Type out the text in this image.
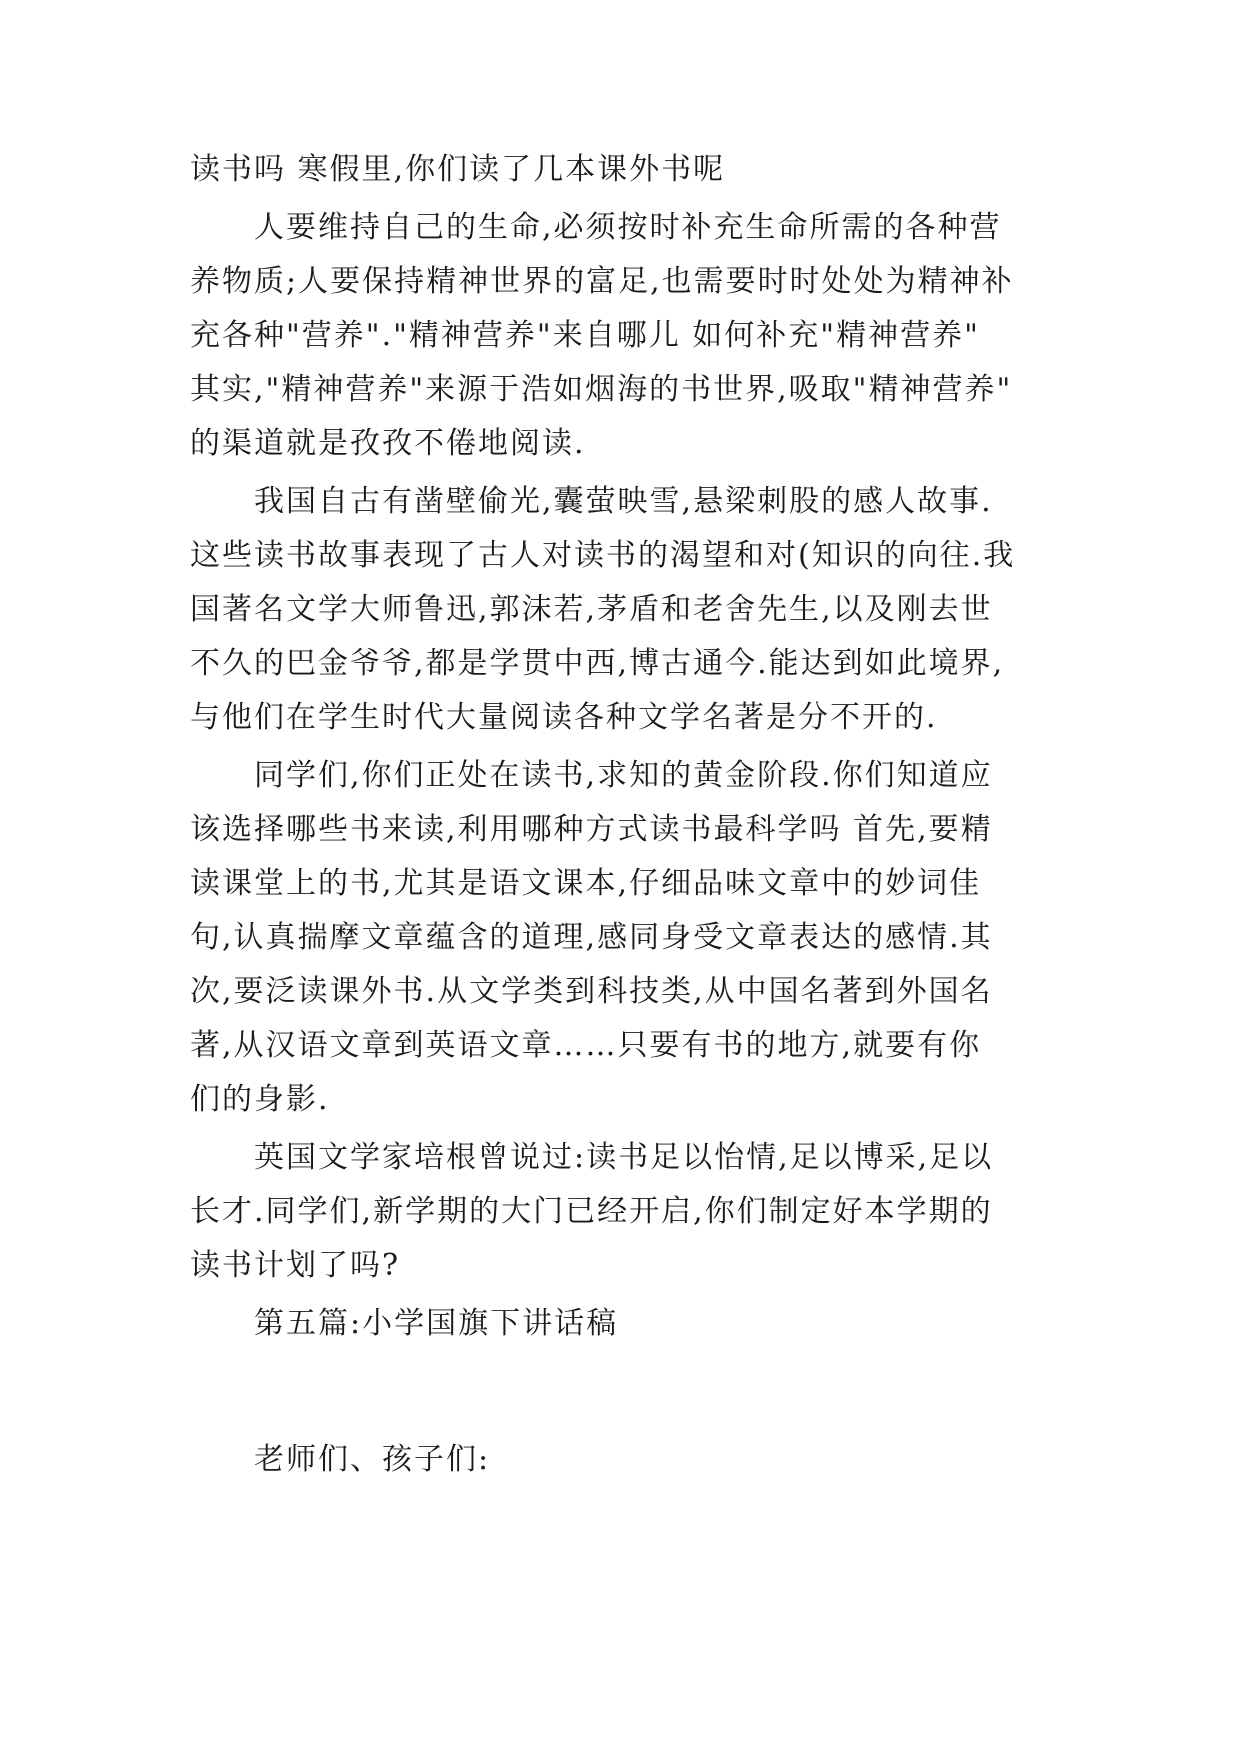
读书吗 寒假里,你们读了几本课外书呢
人要维持自己的生命,必须按时补充生命所需的各种营
养物质;人要保持精神世界的富足,也需要时时处处为精神补
充各种"营养"."精神营养"来自哪儿 如何补充"精神营养"
其实,"精神营养"来源于浩如烟海的书世界,吸取"精神营养"
的渠道就是孜孜不倦地阅读.
我国自古有凿壁偷光,囊萤映雪,悬梁刺股的感人故事.
这些读书故事表现了古人对读书的渴望和对(知识的向往.我
国著名文学大师鲁迅,郭沫若,茅盾和老舍先生,以及刚去世
不久的巴金爷爷,都是学贯中西,博古通今.能达到如此境界,
与他们在学生时代大量阅读各种文学名著是分不开的.
同学们,你们正处在读书,求知的黄金阶段.你们知道应
该选择哪些书来读,利用哪种方式读书最科学吗 首先,要精
读课堂上的书,尤其是语文课本,仔细品味文章中的妙词佳
句,认真揣摩文章蕴含的道理,感同身受文章表达的感情.其
次,要泛读课外书.从文学类到科技类,从中国名著到外国名
著,从汉语文章到英语文章……只要有书的地方,就要有你
们的身影.
英国文学家培根曾说过:读书足以怡情,足以博采,足以
长才.同学们,新学期的大门已经开启,你们制定好本学期的
读书计划了吗?
第五篇:小学国旗下讲话稿
老师们、孩子们:
